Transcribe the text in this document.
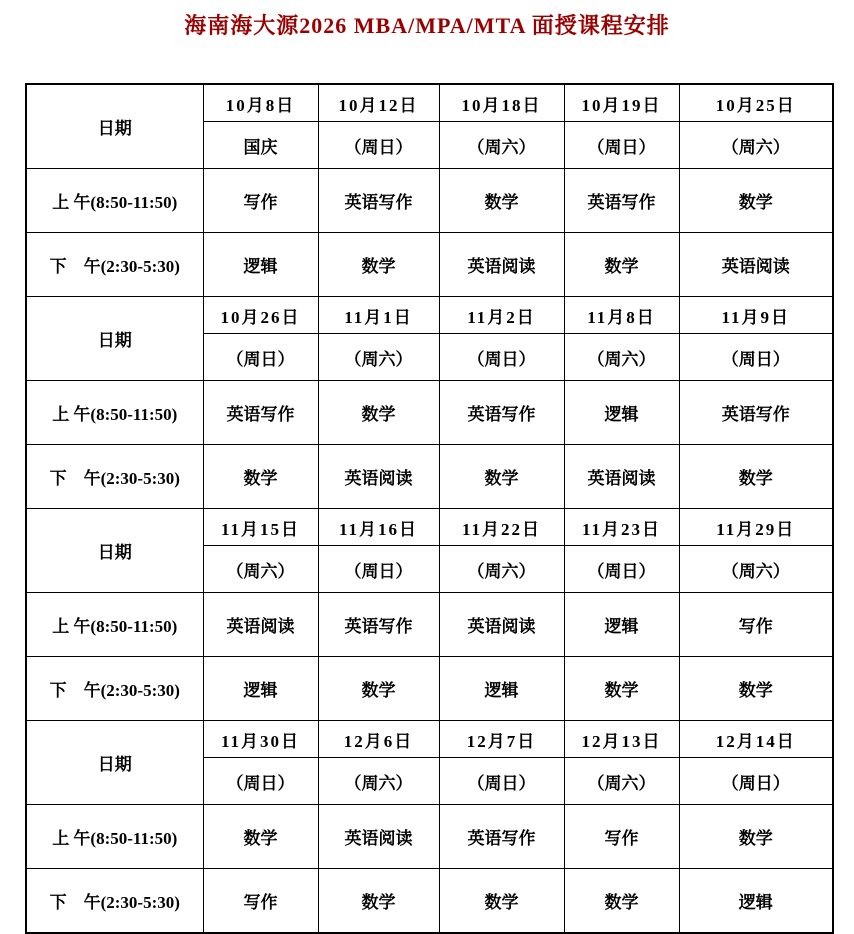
海南海大源2026 MBA/MPA/MTA 面授课程安排
日期	10月8日	10月12日	10月18日	10月19日	10月25日
	国庆	（周日）	（周六）	（周日）	（周六）
上 午(8:50-11:50)	写作	英语写作	数学	英语写作	数学
下　午(2:30-5:30)	逻辑	数学	英语阅读	数学	英语阅读
日期	10月26日	11月1日	11月2日	11月8日	11月9日
	（周日）	（周六）	（周日）	（周六）	（周日）
上 午(8:50-11:50)	英语写作	数学	英语写作	逻辑	英语写作
下　午(2:30-5:30)	数学	英语阅读	数学	英语阅读	数学
日期	11月15日	11月16日	11月22日	11月23日	11月29日
	（周六）	（周日）	（周六）	（周日）	（周六）
上 午(8:50-11:50)	英语阅读	英语写作	英语阅读	逻辑	写作
下　午(2:30-5:30)	逻辑	数学	逻辑	数学	数学
日期	11月30日	12月6日	12月7日	12月13日	12月14日
	（周日）	（周六）	（周日）	（周六）	（周日）
上 午(8:50-11:50)	数学	英语阅读	英语写作	写作	数学
下　午(2:30-5:30)	写作	数学	数学	数学	逻辑
